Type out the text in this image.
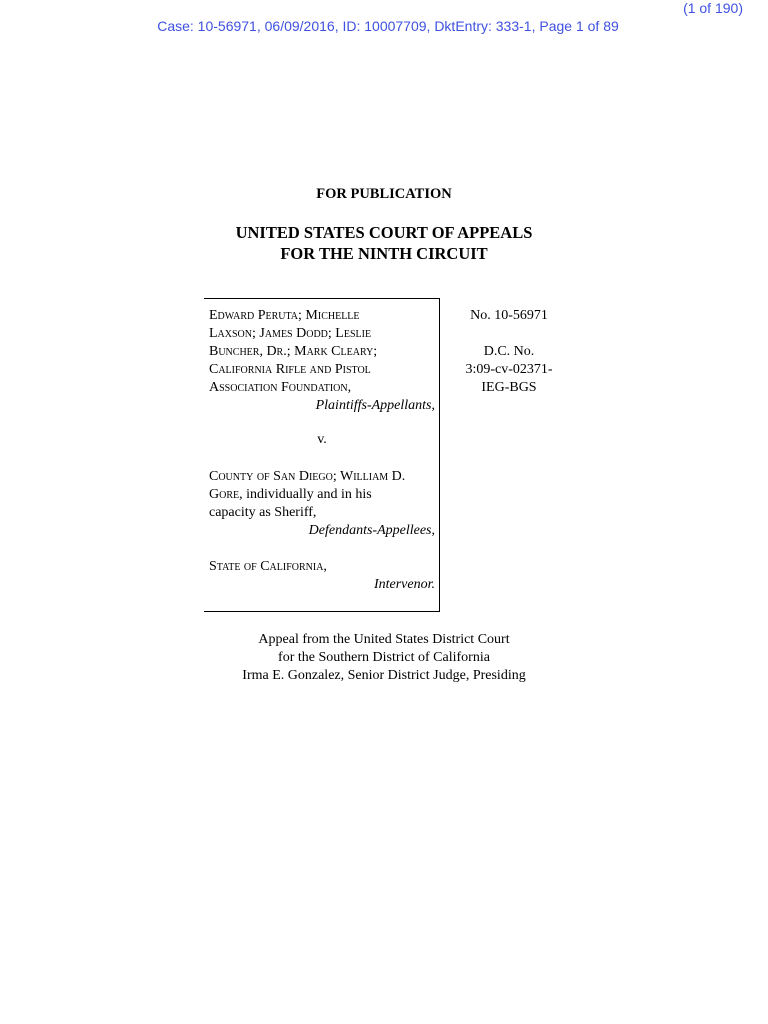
(1 of 190)
Case: 10-56971, 06/09/2016, ID: 10007709, DktEntry: 333-1, Page 1 of 89
FOR PUBLICATION
UNITED STATES COURT OF APPEALS
FOR THE NINTH CIRCUIT
Edward Peruta; Michelle
Laxson; James Dodd; Leslie
Buncher, Dr.; Mark Cleary;
California Rifle and Pistol
Association Foundation,
Plaintiffs-Appellants,
v.
County of San Diego; William D.
Gore, individually and in his
capacity as Sheriff,
Defendants-Appellees,
State of California,
Intervenor.
No. 10-56971
D.C. No.
3:09-cv-02371-
IEG-BGS
Appeal from the United States District Court
for the Southern District of California
Irma E. Gonzalez, Senior District Judge, Presiding
